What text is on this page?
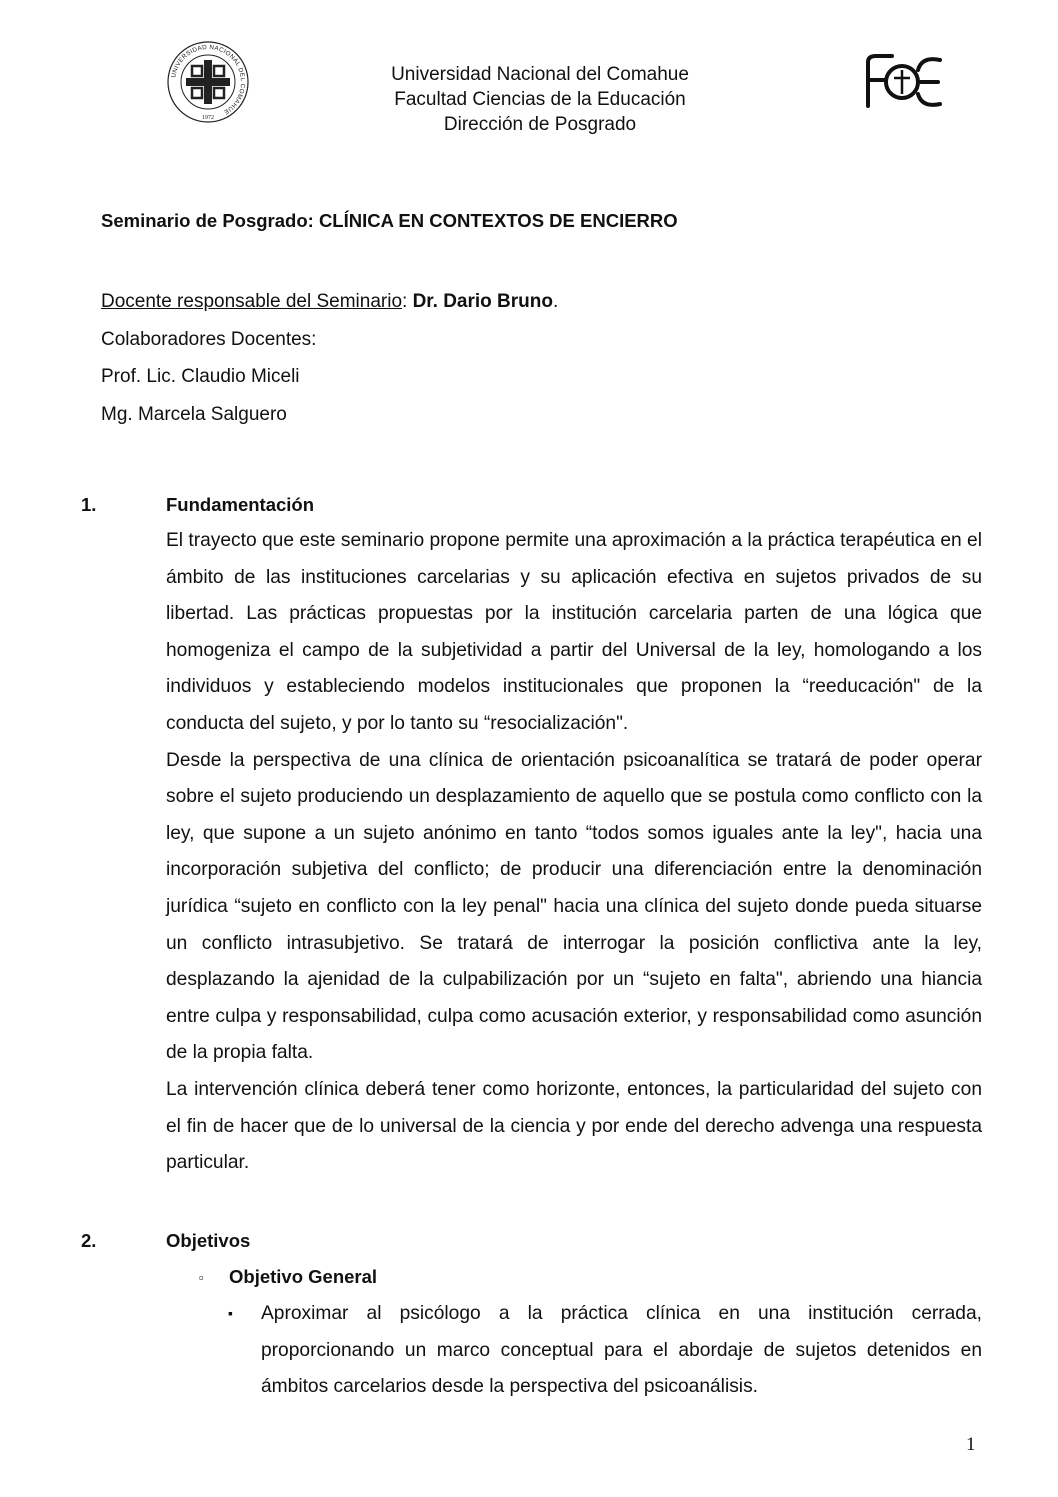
UNIVERSIDAD NACIONAL DEL COMAHUE
1972
Universidad Nacional del Comahue
Facultad Ciencias de la Educación
Dirección de Posgrado
Seminario de Posgrado: CLÍNICA EN CONTEXTOS DE ENCIERRO
Docente responsable del Seminario: Dr. Dario Bruno.
Colaboradores Docentes:
Prof. Lic. Claudio Miceli
Mg. Marcela Salguero
1.	Fundamentación

El trayecto que este seminario propone permite una aproximación a la práctica terapéutica en el ámbito de las instituciones carcelarias y su aplicación efectiva en sujetos privados de su libertad. Las prácticas propuestas por la institución carcelaria parten de una lógica que homogeniza el campo de la subjetividad a partir del Universal de la ley, homologando a los individuos y estableciendo modelos institucionales que proponen la “reeducación" de la conducta del sujeto, y por lo tanto su “resocialización".

Desde la perspectiva de una clínica de orientación psicoanalítica se tratará de poder operar sobre el sujeto produciendo un desplazamiento de aquello que se postula como conflicto con la ley, que supone a un sujeto anónimo en tanto “todos somos iguales ante la ley", hacia una incorporación subjetiva del conflicto; de producir una diferenciación entre la denominación jurídica “sujeto en conflicto con la ley penal" hacia una clínica del sujeto donde pueda situarse un conflicto intrasubjetivo. Se tratará de interrogar la posición conflictiva ante la ley, desplazando la ajenidad de la culpabilización por un “sujeto en falta", abriendo una hiancia entre culpa y responsabilidad, culpa como acusación exterior, y responsabilidad como asunción de la propia falta.

La intervención clínica deberá tener como horizonte, entonces, la particularidad del sujeto con el fin de hacer que de lo universal de la ciencia y por ende del derecho advenga una respuesta particular.

2.	Objetivos
▫ Objetivo General
▪ Aproximar al psicólogo a la práctica clínica en una institución cerrada, proporcionando un marco conceptual para el abordaje de sujetos detenidos en ámbitos carcelarios desde la perspectiva del psicoanálisis.

1
